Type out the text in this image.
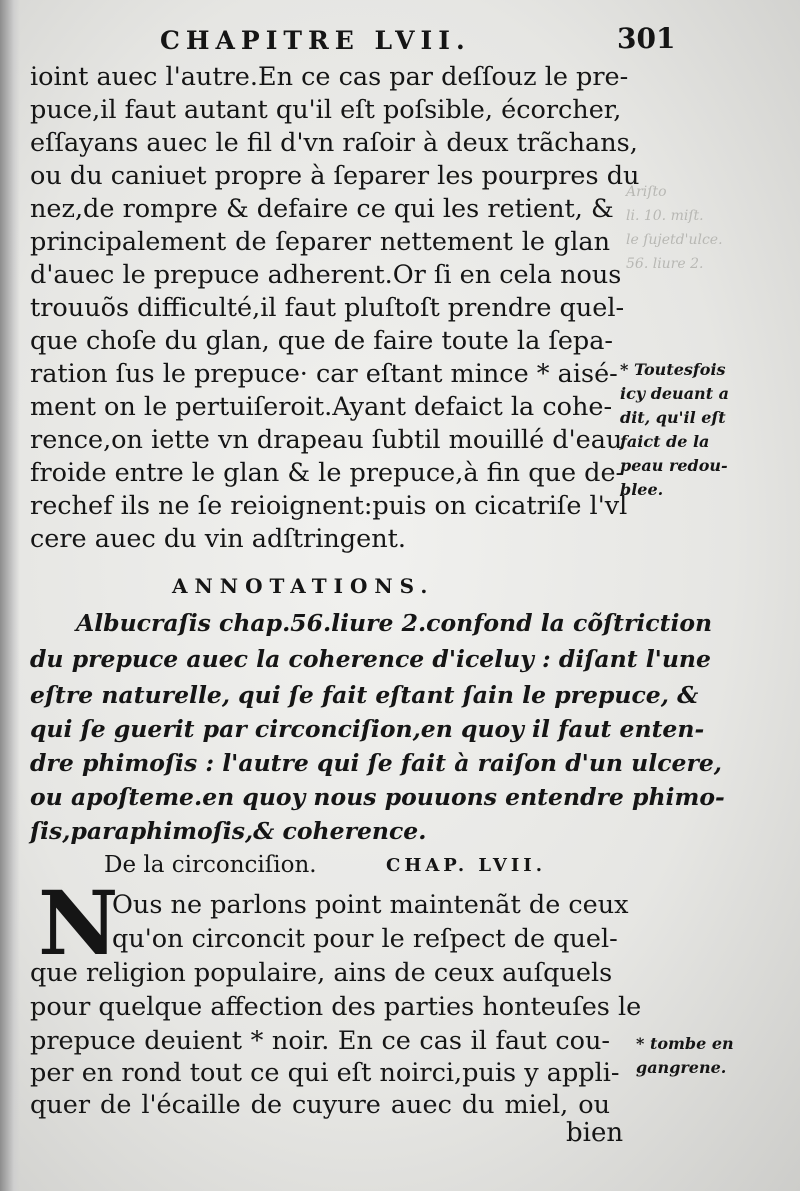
CHAPITRE LVII.	301
ioint auec l'autre.En ce cas par deſſouz le pre-
puce,il faut autant qu'il eſt poſsible, écorcher,
eſſayans auec le fil d'vn raſoir à deux trãchans,
ou du caniuet propre à ſeparer les pourpres du
nez,de rompre & defaire ce qui les retient, &
principalement de ſeparer nettement le glan
d'auec le prepuce adherent.Or ſi en cela nous
trouuõs difficulté,il faut pluſtoſt prendre quel-
que choſe du glan, que de faire toute la ſepa-
ration ſus le prepuce· car eſtant mince * aisé-
ment on le pertuiſeroit.Ayant defaict la cohe-
rence,on iette vn drapeau ſubtil mouillé d'eau
froide entre le glan & le prepuce,à fin que de-
rechef ils ne ſe reioignent:puis on cicatriſe l'vl
cere auec du vin adſtringent.
* Toutesfois
icy deuant a
dit, qu'il eſt
faict de la
peau redou-
blee.
Ariſto
li. 10. miſt.
le ſujetd'ulce.
56. liure 2.
ANNOTATIONS.
Albucraſis chap.56.liure 2.confond la cõſtriction
du prepuce auec la coherence d'iceluy : diſant l'une
eſtre naturelle, qui ſe fait eſtant ſain le prepuce, &
qui ſe guerit par circonciſion,en quoy il faut enten-
dre phimoſis : l'autre qui ſe fait à raiſon d'un ulcere,
ou apoſteme.en quoy nous pouuons entendre phimo-
ſis,paraphimoſis,& coherence.
De la circonciſion.	CHAP. LVII.
N
Ous ne parlons point maintenãt de ceux
qu'on circoncit pour le reſpect de quel-
que religion populaire, ains de ceux auſquels
pour quelque affection des parties honteuſes le
prepuce deuient * noir. En ce cas il faut cou-
per en rond tout ce qui eſt noirci,puis y appli-
quer de l'écaille de cuyure auec du miel, ou
bien
* tombe en
gangrene.
